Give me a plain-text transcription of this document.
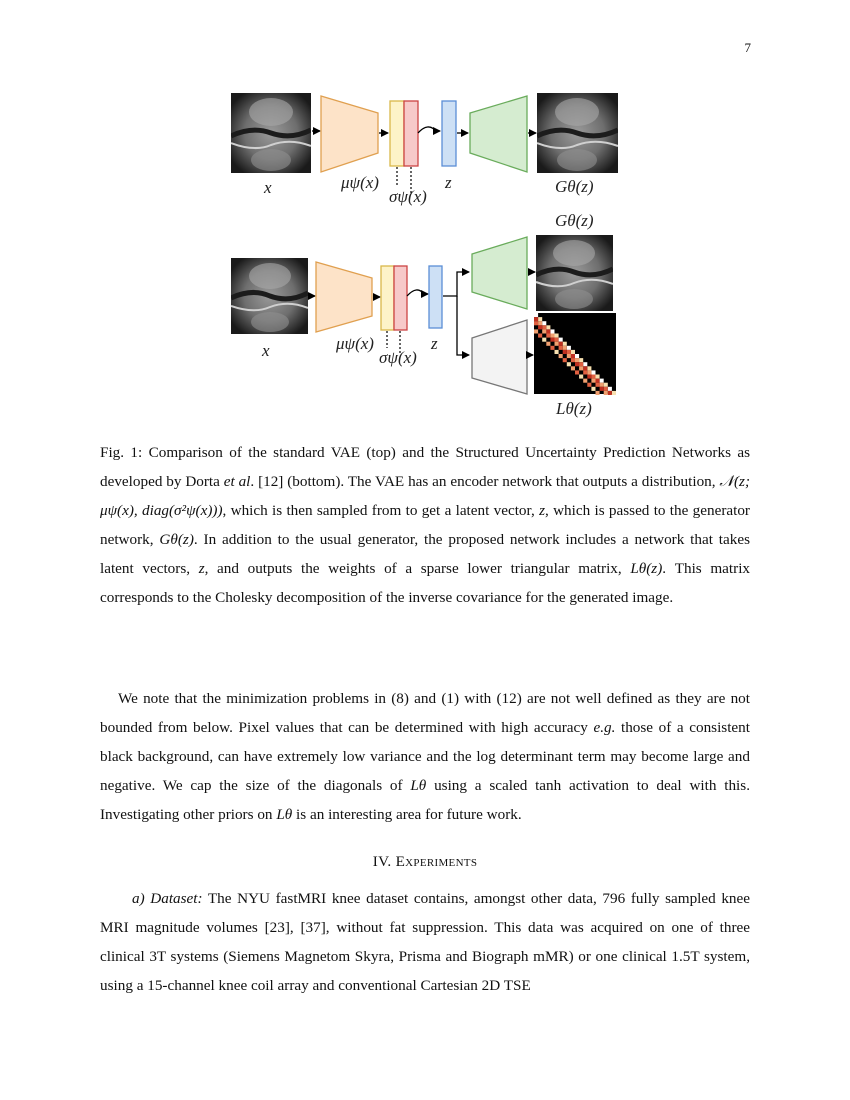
7
x	μψ(x)
σψ(x)
z	Gθ(z)
Gθ(z)
x	μψ(x)
σψ(x)
z
Lθ(z)
Fig. 1: Comparison of the standard VAE (top) and the Structured Uncertainty Prediction Networks as developed by Dorta et al. [12] (bottom). The VAE has an encoder network that outputs a distribution, 𝒩(z; μψ(x), diag(σ²ψ(x))), which is then sampled from to get a latent vector, z, which is passed to the generator network, Gθ(z). In addition to the usual generator, the proposed network includes a network that takes latent vectors, z, and outputs the weights of a sparse lower triangular matrix, Lθ(z). This matrix corresponds to the Cholesky decomposition of the inverse covariance for the generated image.
We note that the minimization problems in (8) and (1) with (12) are not well defined as they are not bounded from below. Pixel values that can be determined with high accuracy e.g. those of a consistent black background, can have extremely low variance and the log determinant term may become large and negative. We cap the size of the diagonals of Lθ using a scaled tanh activation to deal with this. Investigating other priors on Lθ is an interesting area for future work.
IV. Experiments
a) Dataset: The NYU fastMRI knee dataset contains, amongst other data, 796 fully sampled knee MRI magnitude volumes [23], [37], without fat suppression. This data was acquired on one of three clinical 3T systems (Siemens Magnetom Skyra, Prisma and Biograph mMR) or one clinical 1.5T system, using a 15-channel knee coil array and conventional Cartesian 2D TSE
